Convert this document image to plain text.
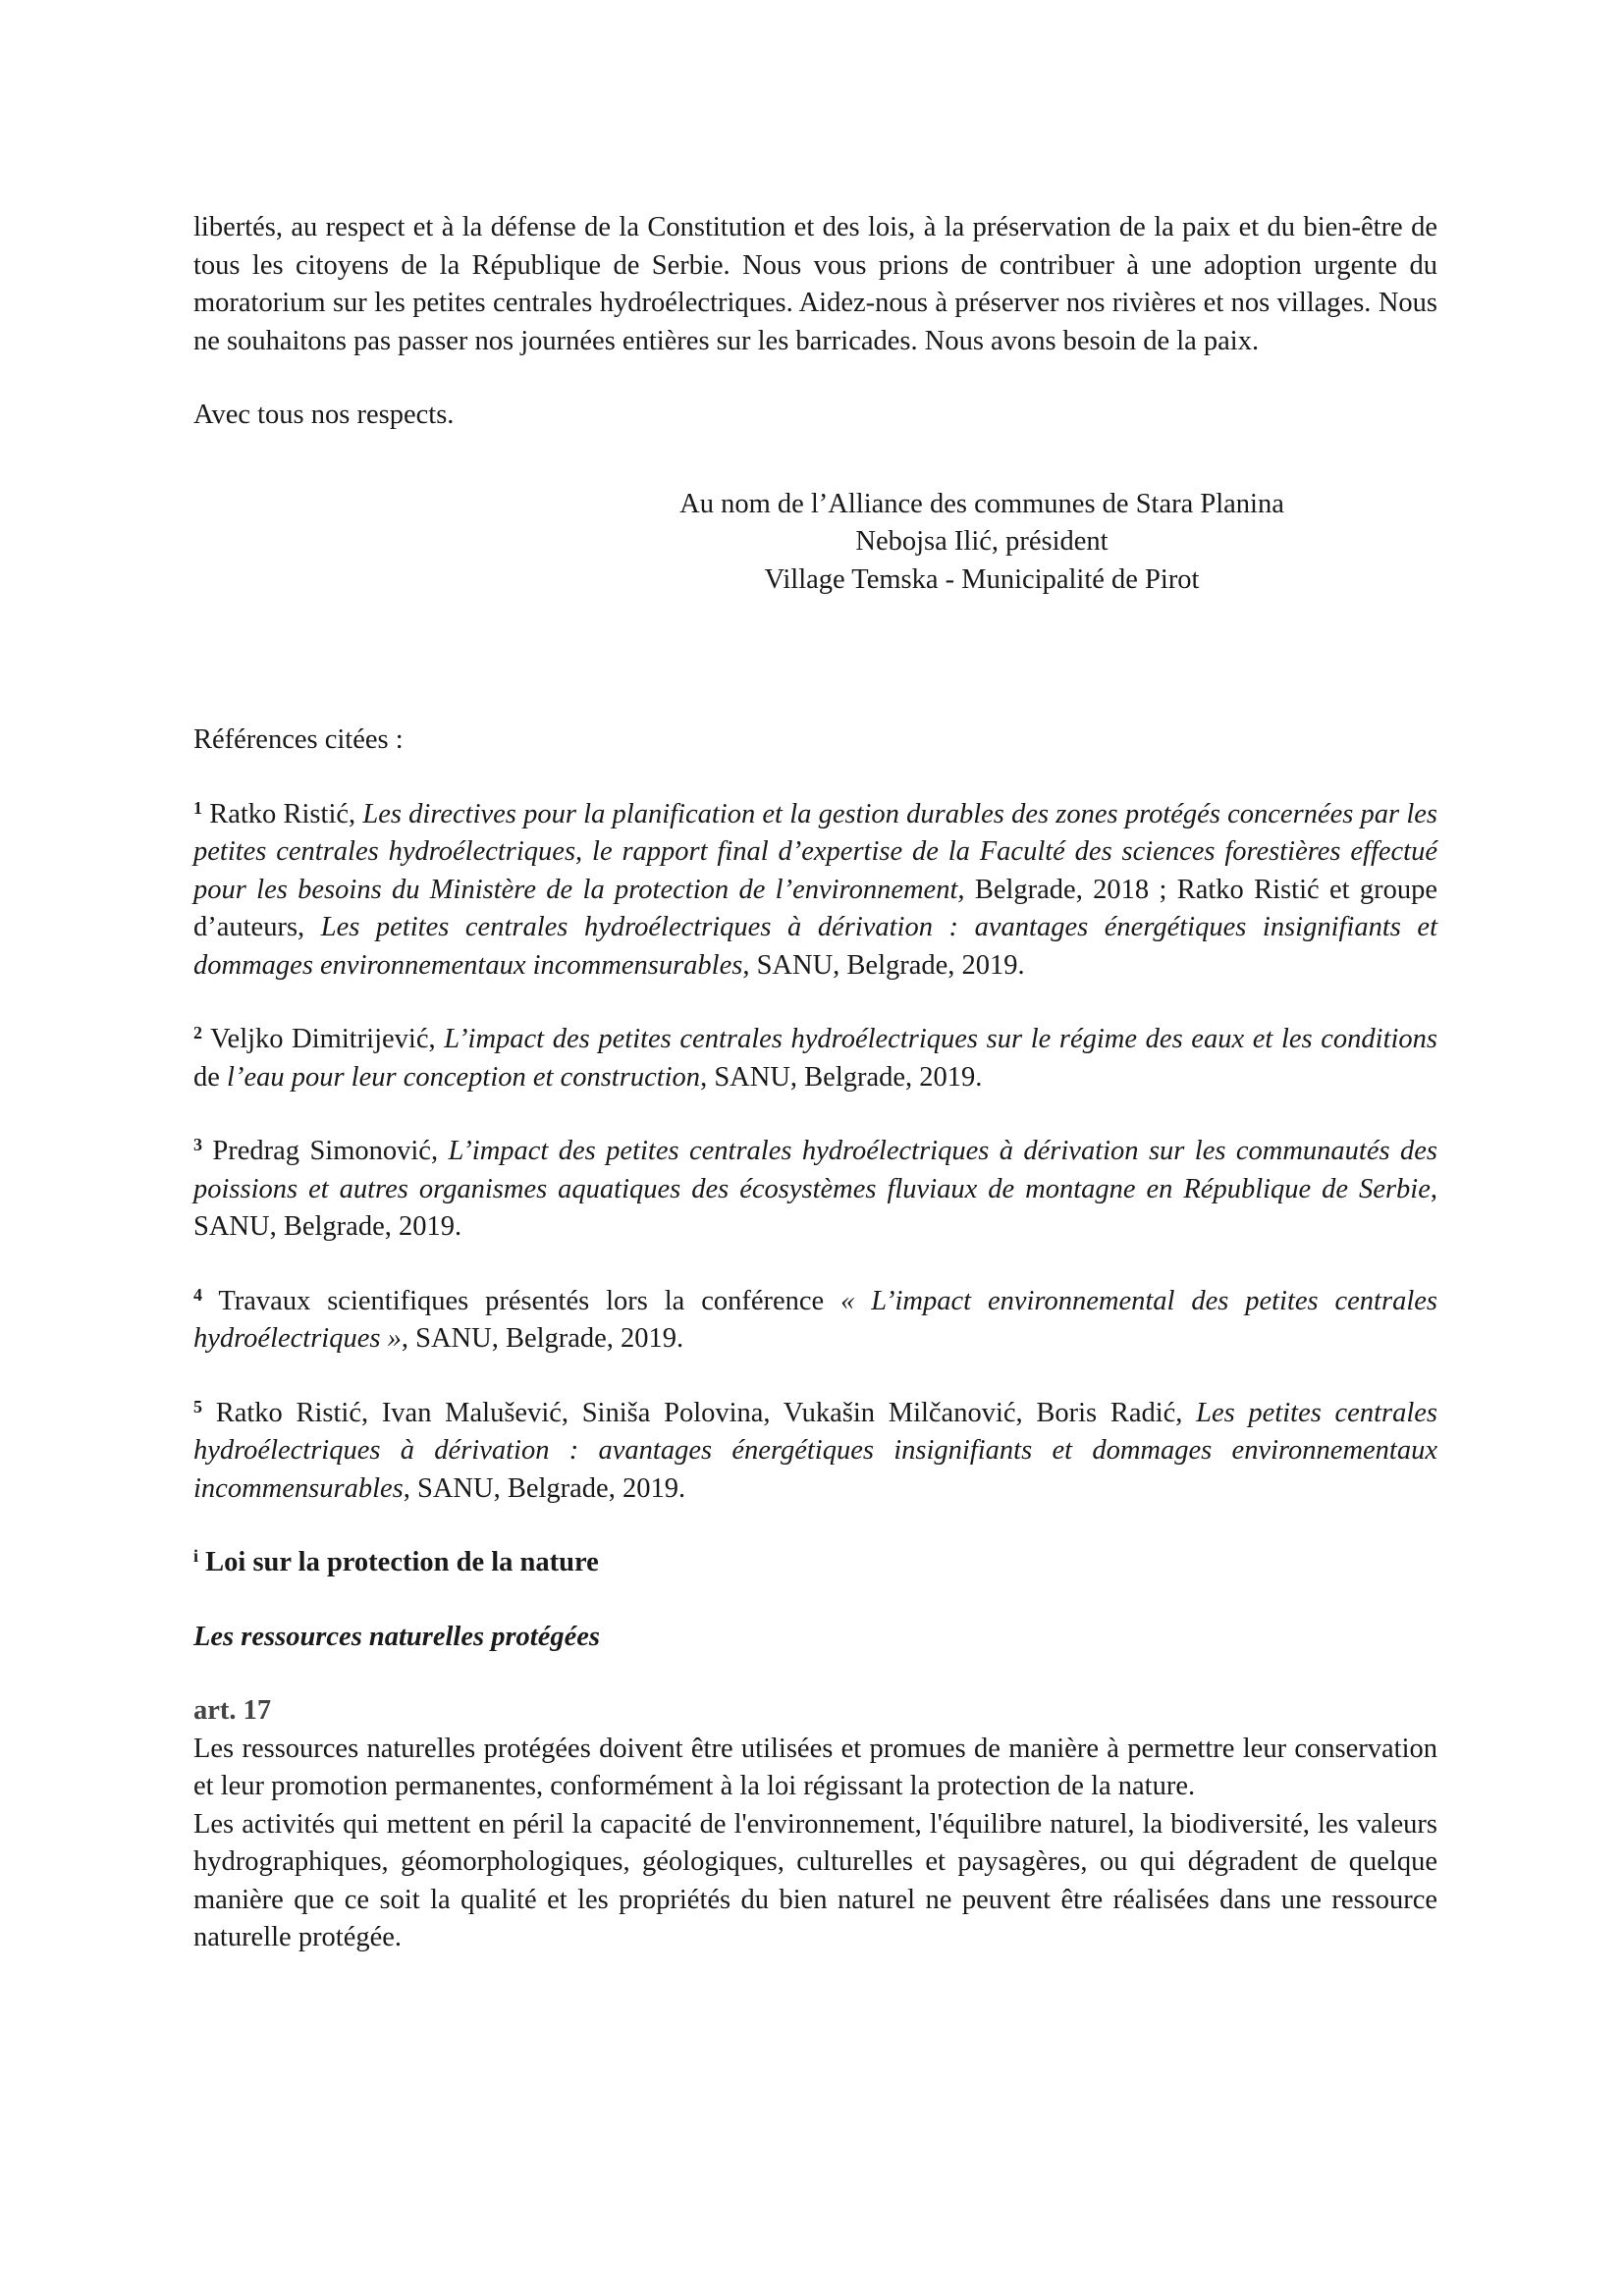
libertés, au respect et à la défense de la Constitution et des lois, à la préservation de la paix et du bien-être de tous les citoyens de la République de Serbie. Nous vous prions de contribuer à une adoption urgente du moratorium sur les petites centrales hydroélectriques. Aidez-nous à préserver nos rivières et nos villages. Nous ne souhaitons pas passer nos journées entières sur les barricades. Nous avons besoin de la paix.

Avec tous nos respects.

Au nom de l’Alliance des communes de Stara Planina

Nebojsa Ilić, président

Village Temska - Municipalité de Pirot

Références citées :

$^1$ Ratko Ristić, Les directives pour la planification et la gestion durables des zones protégés concernées par les petites centrales hydroélectriques, le rapport final d’expertise de la Faculté des sciences forestières effectué pour les besoins du Ministère de la protection de l’environnement, Belgrade, 2018 ; Ratko Ristić et groupe d’auteurs, Les petites centrales hydroélectriques à dérivation : avantages énergétiques insignifiants et dommages environnementaux incommensurables, SANU, Belgrade, 2019.

$^2$ Veljko Dimitrijević, L’impact des petites centrales hydroélectriques sur le régime des eaux et les conditions de l’eau pour leur conception et construction, SANU, Belgrade, 2019.

$^3$ Predrag Simonović, L’impact des petites centrales hydroélectriques à dérivation sur les communautés des poissions et autres organismes aquatiques des écosystèmes fluviaux de montagne en République de Serbie, SANU, Belgrade, 2019.

$^4$ Travaux scientifiques présentés lors la conférence « L’impact environnemental des petites centrales hydroélectriques », SANU, Belgrade, 2019.

$^5$ Ratko Ristić, Ivan Malušević, Siniša Polovina, Vukašin Milčanović, Boris Radić, Les petites centrales hydroélectriques à dérivation : avantages énergétiques insignifiants et dommages environnementaux incommensurables, SANU, Belgrade, 2019.

$^i$ Loi sur la protection de la nature

Les ressources naturelles protégées

art. 17

Les ressources naturelles protégées doivent être utilisées et promues de manière à permettre leur conservation et leur promotion permanentes, conformément à la loi régissant la protection de la nature.

Les activités qui mettent en péril la capacité de l'environnement, l'équilibre naturel, la biodiversité, les valeurs hydrographiques, géomorphologiques, géologiques, culturelles et paysagères, ou qui dégradent de quelque manière que ce soit la qualité et les propriétés du bien naturel ne peuvent être réalisées dans une ressource naturelle protégée.
